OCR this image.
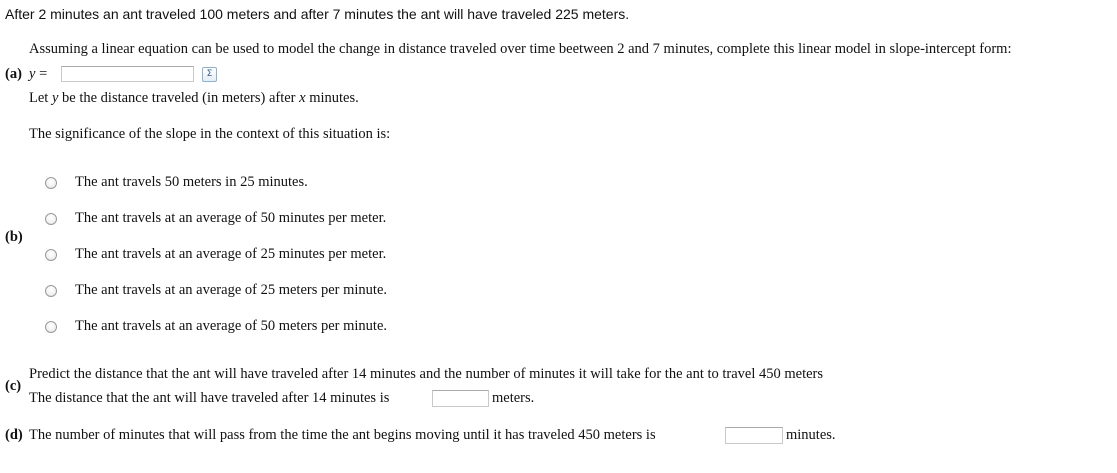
After 2 minutes an ant traveled 100 meters and after 7 minutes the ant will have traveled 225 meters.
Assuming a linear equation can be used to model the change in distance traveled over time beetween 2 and 7 minutes, complete this linear model in slope-intercept form:
(a) y =	Σ
Let y be the distance traveled (in meters) after x minutes.
The significance of the slope in the context of this situation is:
(b)
The ant travels 50 meters in 25 minutes.
The ant travels at an average of 50 minutes per meter.
The ant travels at an average of 25 minutes per meter.
The ant travels at an average of 25 meters per minute.
The ant travels at an average of 50 meters per minute.
(c)
Predict the distance that the ant will have traveled after 14 minutes and the number of minutes it will take for the ant to travel 450 meters
The distance that the ant will have traveled after 14 minutes is	meters.
(d) The number of minutes that will pass from the time the ant begins moving until it has traveled 450 meters is	minutes.
